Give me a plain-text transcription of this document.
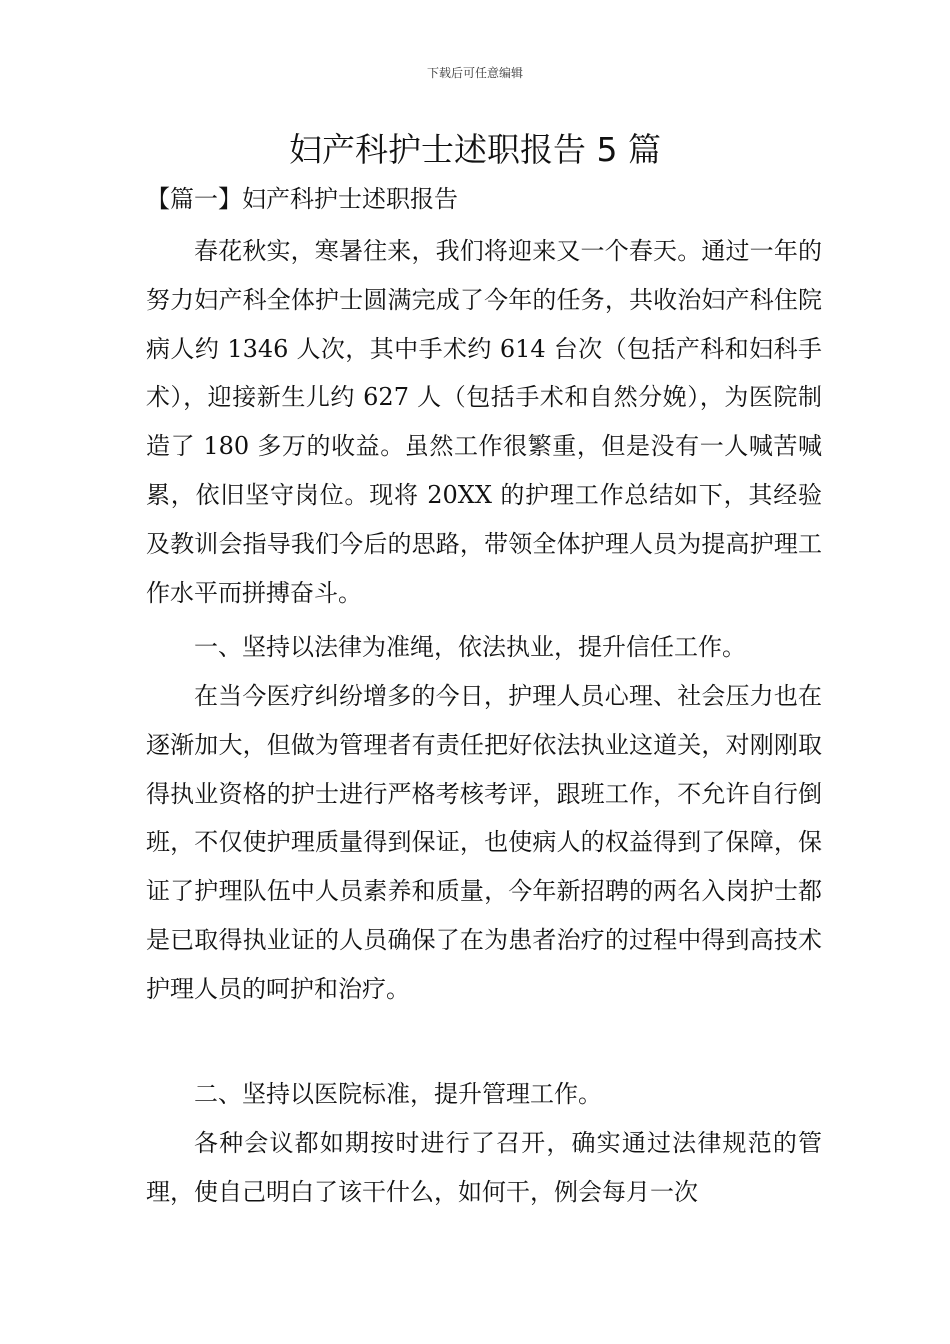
下载后可任意编辑
妇产科护士述职报告 5 篇
【篇一】妇产科护士述职报告

春花秋实，寒暑往来，我们将迎来又一个春天。通过一年的努力妇产科全体护士圆满完成了今年的任务，共收治妇产科住院病人约 1346 人次，其中手术约 614 台次（包括产科和妇科手术），迎接新生儿约 627 人（包括手术和自然分娩），为医院制造了 180 多万的收益。虽然工作很繁重，但是没有一人喊苦喊累，依旧坚守岗位。现将 20XX 的护理工作总结如下，其经验及教训会指导我们今后的思路，带领全体护理人员为提高护理工作水平而拼搏奋斗。

一、坚持以法律为准绳，依法执业，提升信任工作。

在当今医疗纠纷增多的今日，护理人员心理、社会压力也在逐渐加大，但做为管理者有责任把好依法执业这道关，对刚刚取得执业资格的护士进行严格考核考评，跟班工作，不允许自行倒班，不仅使护理质量得到保证，也使病人的权益得到了保障，保证了护理队伍中人员素养和质量，今年新招聘的两名入岗护士都是已取得执业证的人员确保了在为患者治疗的过程中得到高技术护理人员的呵护和治疗。

二、坚持以医院标准，提升管理工作。

各种会议都如期按时进行了召开，确实通过法律规范的管理，使自己明白了该干什么，如何干，例会每月一次
